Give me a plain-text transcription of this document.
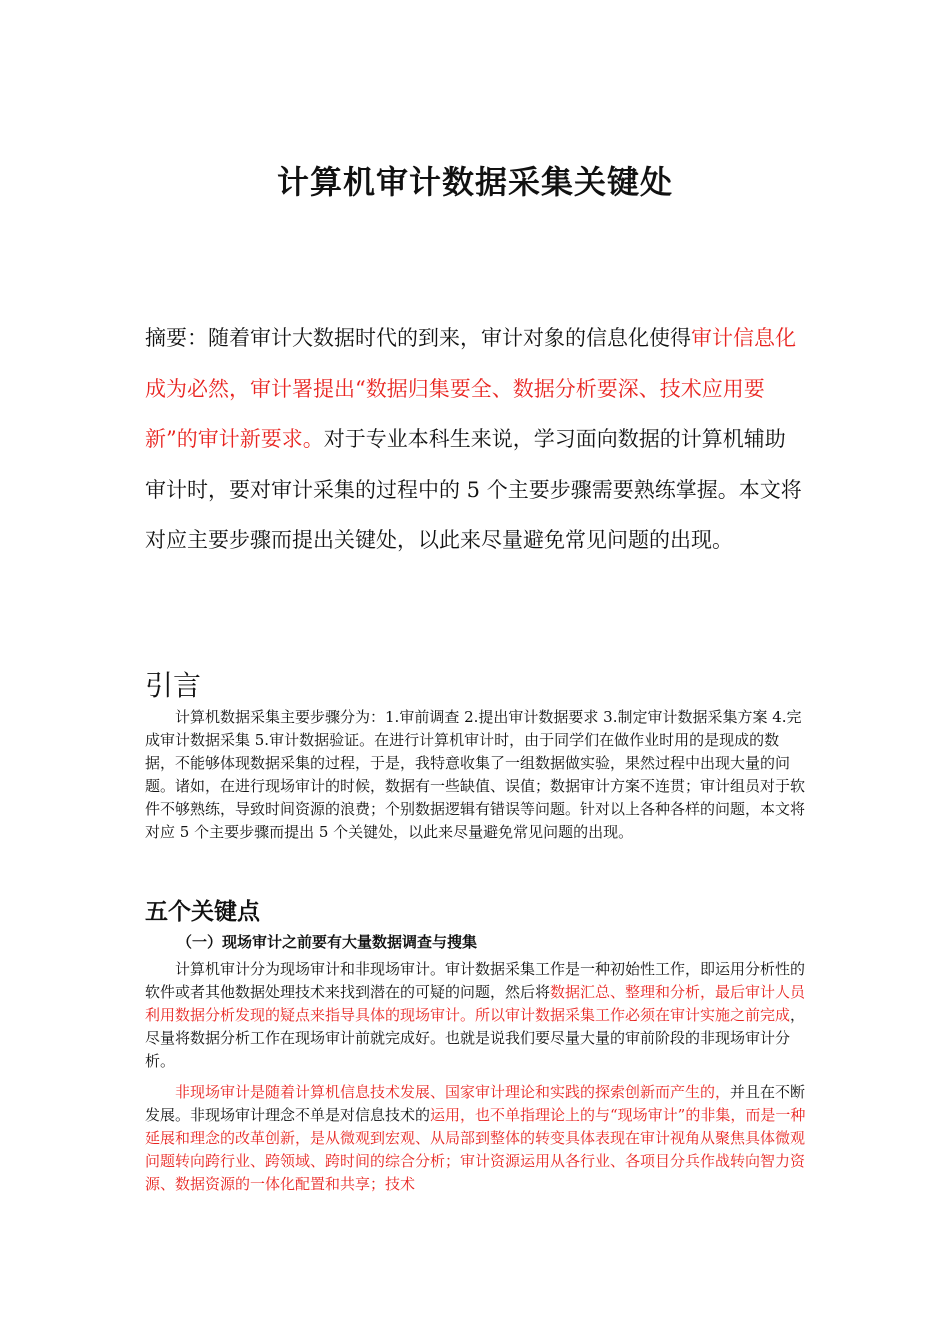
计算机审计数据采集关键处

摘要：随着审计大数据时代的到来，审计对象的信息化使得审计信息化成为必然，审计署提出“数据归集要全、数据分析要深、技术应用要新”的审计新要求。对于专业本科生来说，学习面向数据的计算机辅助审计时，要对审计采集的过程中的 5 个主要步骤需要熟练掌握。本文将对应主要步骤而提出关键处，以此来尽量避免常见问题的出现。

引言

计算机数据采集主要步骤分为：1.审前调查 2.提出审计数据要求 3.制定审计数据采集方案 4.完成审计数据采集 5.审计数据验证。在进行计算机审计时，由于同学们在做作业时用的是现成的数据，不能够体现数据采集的过程，于是，我特意收集了一组数据做实验，果然过程中出现大量的问题。诸如，在进行现场审计的时候，数据有一些缺值、误值；数据审计方案不连贯；审计组员对于软件不够熟练，导致时间资源的浪费；个别数据逻辑有错误等问题。针对以上各种各样的问题，本文将对应 5 个主要步骤而提出 5 个关键处，以此来尽量避免常见问题的出现。

五个关键点
（一）现场审计之前要有大量数据调查与搜集

计算机审计分为现场审计和非现场审计。审计数据采集工作是一种初始性工作，即运用分析性的软件或者其他数据处理技术来找到潜在的可疑的问题，然后将数据汇总、整理和分析，最后审计人员利用数据分析发现的疑点来指导具体的现场审计。所以审计数据采集工作必须在审计实施之前完成，尽量将数据分析工作在现场审计前就完成好。也就是说我们要尽量大量的审前阶段的非现场审计分析。

非现场审计是随着计算机信息技术发展、国家审计理论和实践的探索创新而产生的，并且在不断发展。非现场审计理念不单是对信息技术的运用，也不单指理论上的与“现场审计”的非集，而是一种延展和理念的改革创新，是从微观到宏观、从局部到整体的转变具体表现在审计视角从聚焦具体微观问题转向跨行业、跨领域、跨时间的综合分析；审计资源运用从各行业、各项目分兵作战转向智力资源、数据资源的一体化配置和共享；技术
